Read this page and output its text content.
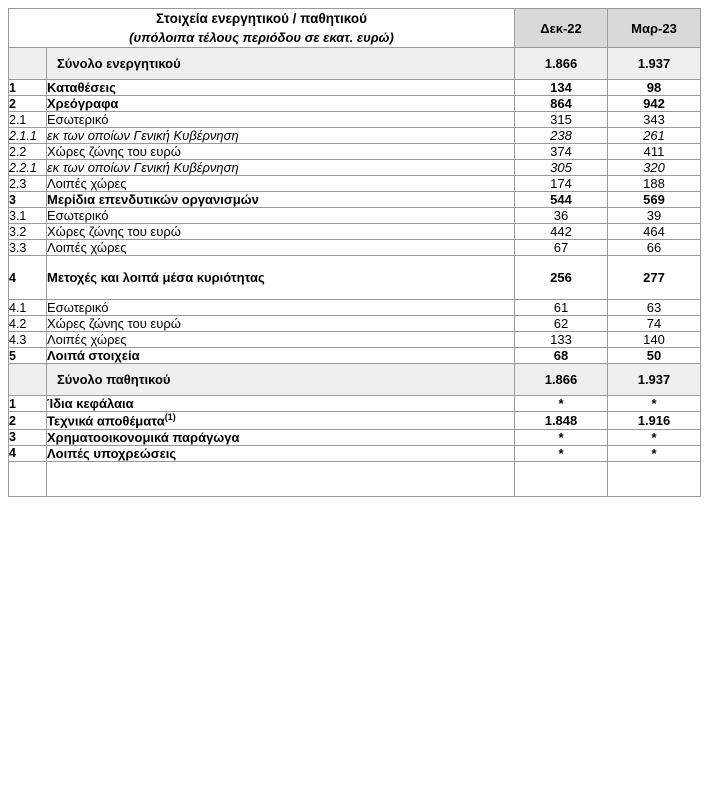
Στοιχεία ενεργητικού / παθητικού
(υπόλοιπα τέλους περιόδου σε εκατ. ευρώ)		Δεκ-22	Μαρ-23
	Σύνολο ενεργητικού	1.866	1.937
1	Καταθέσεις	134	98
2	Χρεόγραφα	864	942
2.1	Εσωτερικό	315	343
2.1.1	εκ των οποίων Γενική Κυβέρνηση	238	261
2.2	Χώρες ζώνης του ευρώ	374	411
2.2.1	εκ των οποίων Γενική Κυβέρνηση	305	320
2.3	Λοιπές χώρες	174	188
3	Μερίδια επενδυτικών οργανισμών	544	569
3.1	Εσωτερικό	36	39
3.2	Χώρες ζώνης του ευρώ	442	464
3.3	Λοιπές χώρες	67	66
4	Μετοχές και λοιπά μέσα κυριότητας	256	277
4.1	Εσωτερικό	61	63
4.2	Χώρες ζώνης του ευρώ	62	74
4.3	Λοιπές χώρες	133	140
5	Λοιπά στοιχεία	68	50
	Σύνολο παθητικού	1.866	1.937
1	Ίδια κεφάλαια	*	*
2	Τεχνικά αποθέματα$^{(1)}$	1.848	1.916
3	Χρηματοοικονομικά παράγωγα	*	*
4	Λοιπές υποχρεώσεις	*	*
